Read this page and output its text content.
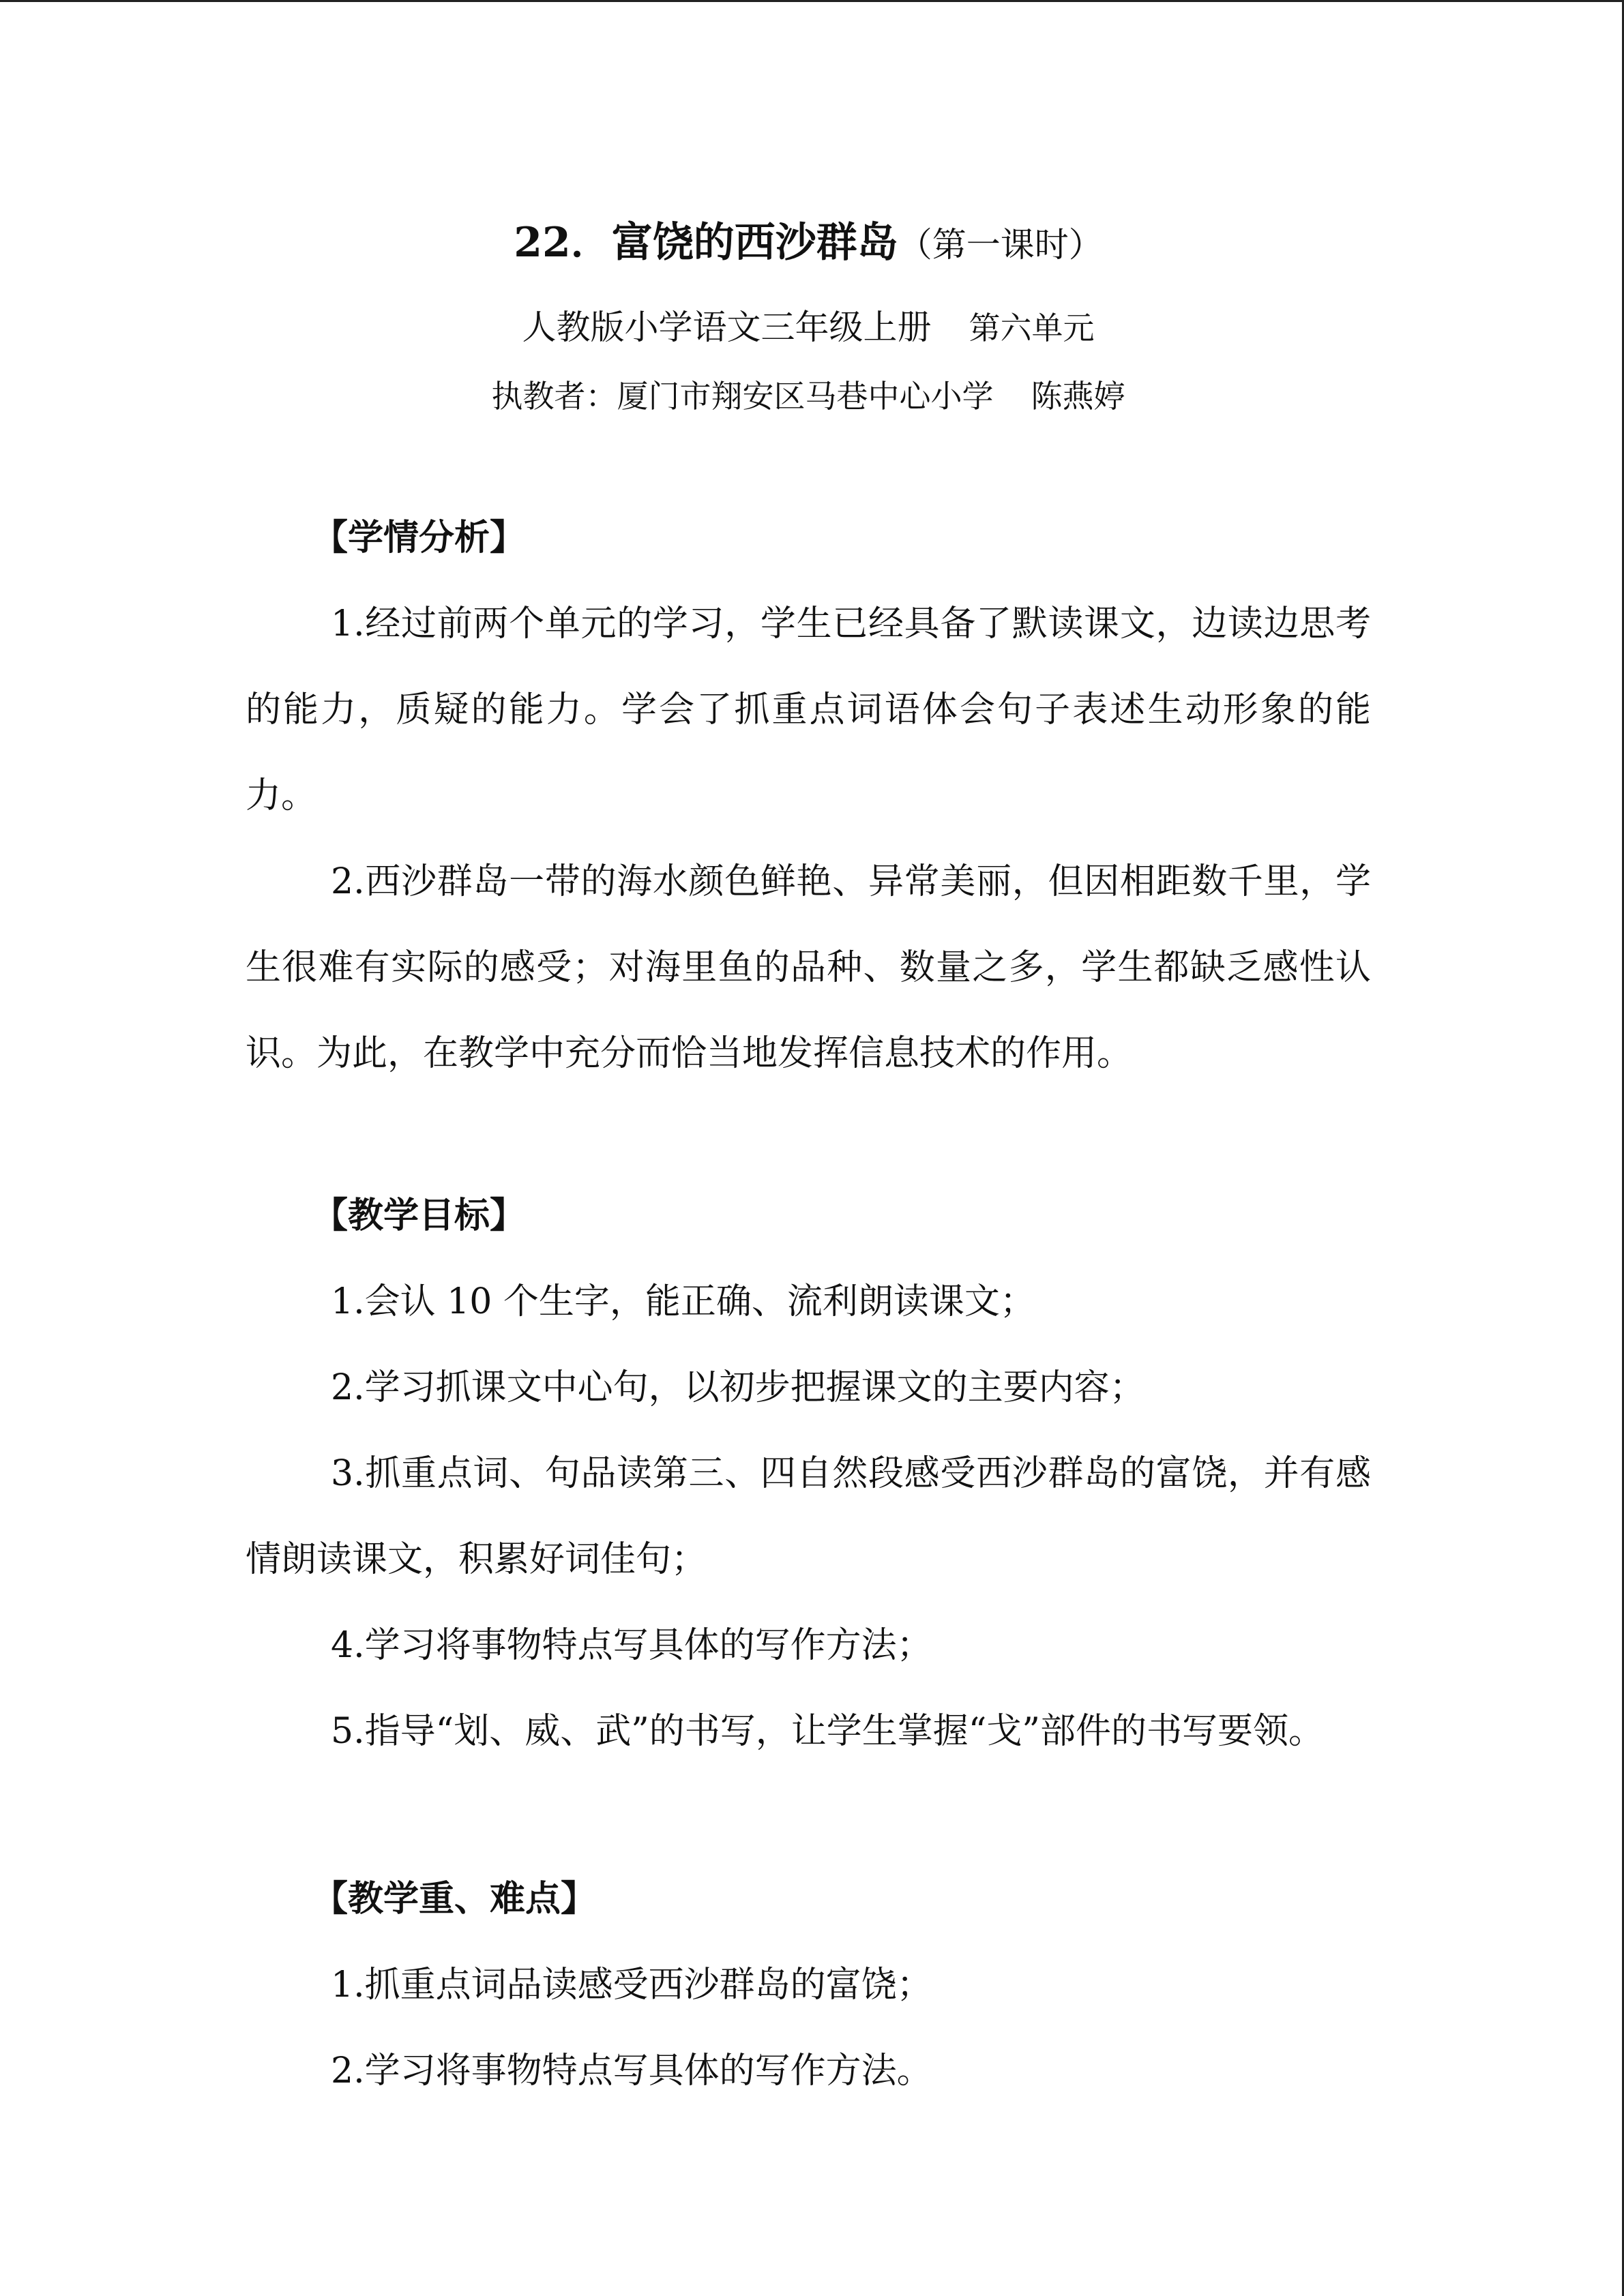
22．富饶的西沙群岛（第一课时）
人教版小学语文三年级上册 第六单元
执教者：厦门市翔安区马巷中心小学 陈燕婷
【学情分析】

1.经过前两个单元的学习，学生已经具备了默读课文，边读边思考的能力，质疑的能力。学会了抓重点词语体会句子表述生动形象的能力。

2.西沙群岛一带的海水颜色鲜艳、异常美丽，但因相距数千里，学生很难有实际的感受；对海里鱼的品种、数量之多，学生都缺乏感性认识。为此，在教学中充分而恰当地发挥信息技术的作用。

【教学目标】
1.会认 10 个生字，能正确、流利朗读课文；
2.学习抓课文中心句，以初步把握课文的主要内容；

3.抓重点词、句品读第三、四自然段感受西沙群岛的富饶，并有感情朗读课文，积累好词佳句；

4.学习将事物特点写具体的写作方法；

5.指导“划、威、武”的书写，让学生掌握“戈”部件的书写要领。

【教学重、难点】
1.抓重点词品读感受西沙群岛的富饶；
2.学习将事物特点写具体的写作方法。
